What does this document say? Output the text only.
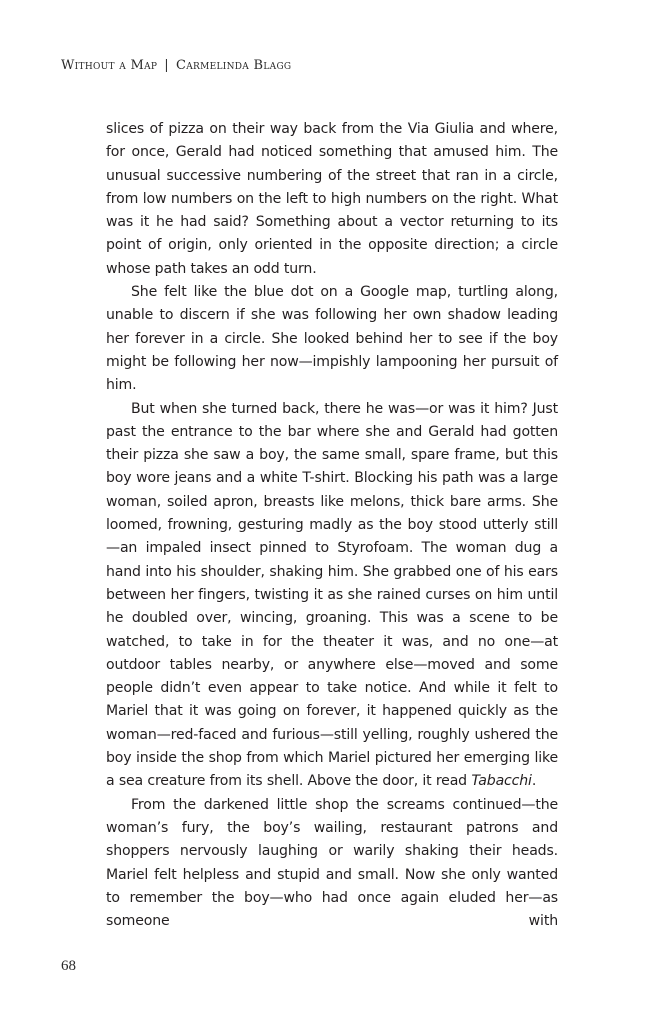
Without a Map | Carmelinda Blagg

slices of pizza on their way back from the Via Giulia and where, for once, Gerald had noticed something that amused him. The unusual successive numbering of the street that ran in a circle, from low numbers on the left to high numbers on the right. What was it he had said? Something about a vector returning to its point of origin, only oriented in the opposite direction; a circle whose path takes an odd turn.

She felt like the blue dot on a Google map, turtling along, unable to discern if she was following her own shadow leading her forever in a circle. She looked behind her to see if the boy might be following her now—impishly lampooning her pursuit of him.

But when she turned back, there he was—or was it him? Just past the entrance to the bar where she and Gerald had gotten their pizza she saw a boy, the same small, spare frame, but this boy wore jeans and a white T-shirt. Blocking his path was a large woman, soiled apron, breasts like melons, thick bare arms. She loomed, frowning, gesturing madly as the boy stood utterly still—an impaled insect pinned to Styrofoam. The woman dug a hand into his shoulder, shaking him. She grabbed one of his ears between her fingers, twisting it as she rained curses on him until he doubled over, wincing, groaning. This was a scene to be watched, to take in for the theater it was, and no one—at outdoor tables nearby, or anywhere else—moved and some people didn’t even appear to take notice. And while it felt to Mariel that it was going on forever, it happened quickly as the woman—red-faced and furious—still yelling, roughly ushered the boy inside the shop from which Mariel pictured her emerging like a sea creature from its shell. Above the door, it read Tabacchi.

From the darkened little shop the screams continued—the woman’s fury, the boy’s wailing, restaurant patrons and shoppers nervously laughing or warily shaking their heads. Mariel felt helpless and stupid and small. Now she only wanted to remember the boy—who had once again eluded her—as someone with

68
